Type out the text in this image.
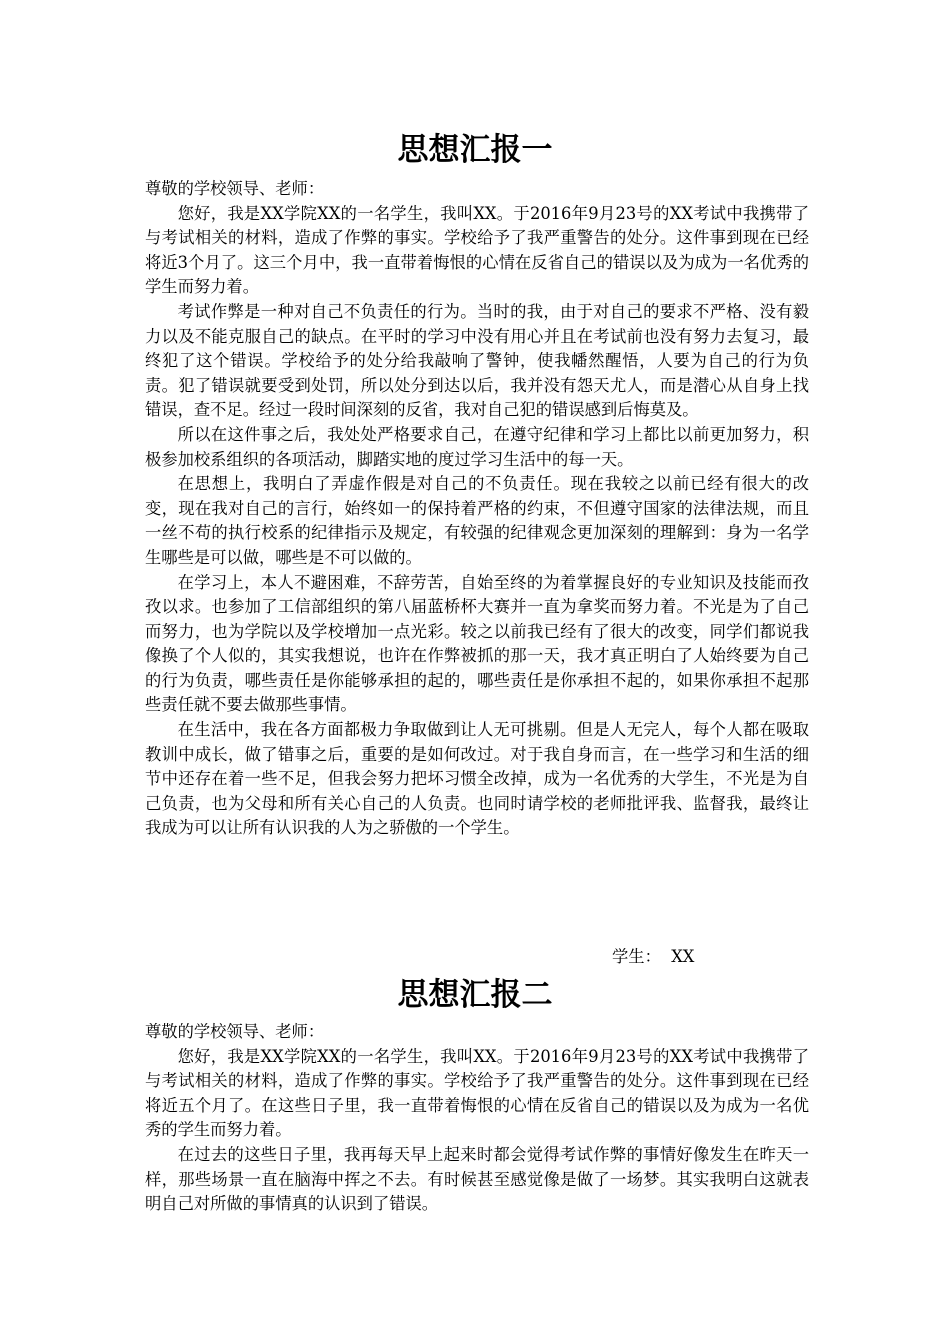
思想汇报一

尊敬的学校领导、老师：

您好，我是XX学院XX的一名学生，我叫XX。于2016年9月23号的XX考试中我携带了与考试相关的材料，造成了作弊的事实。学校给予了我严重警告的处分。这件事到现在已经将近3个月了。这三个月中，我一直带着悔恨的心情在反省自己的错误以及为成为一名优秀的学生而努力着。

考试作弊是一种对自己不负责任的行为。当时的我，由于对自己的要求不严格、没有毅力以及不能克服自己的缺点。在平时的学习中没有用心并且在考试前也没有努力去复习，最终犯了这个错误。学校给予的处分给我敲响了警钟，使我幡然醒悟，人要为自己的行为负责。犯了错误就要受到处罚，所以处分到达以后，我并没有怨天尤人，而是潜心从自身上找错误，查不足。经过一段时间深刻的反省，我对自己犯的错误感到后悔莫及。

所以在这件事之后，我处处严格要求自己，在遵守纪律和学习上都比以前更加努力，积极参加校系组织的各项活动，脚踏实地的度过学习生活中的每一天。

在思想上，我明白了弄虚作假是对自己的不负责任。现在我较之以前已经有很大的改变，现在我对自己的言行，始终如一的保持着严格的约束，不但遵守国家的法律法规，而且一丝不苟的执行校系的纪律指示及规定，有较强的纪律观念更加深刻的理解到：身为一名学生哪些是可以做，哪些是不可以做的。

在学习上，本人不避困难，不辞劳苦，自始至终的为着掌握良好的专业知识及技能而孜孜以求。也参加了工信部组织的第八届蓝桥杯大赛并一直为拿奖而努力着。不光是为了自己而努力，也为学院以及学校增加一点光彩。较之以前我已经有了很大的改变，同学们都说我像换了个人似的，其实我想说，也许在作弊被抓的那一天，我才真正明白了人始终要为自己的行为负责，哪些责任是你能够承担的起的，哪些责任是你承担不起的，如果你承担不起那些责任就不要去做那些事情。

在生活中，我在各方面都极力争取做到让人无可挑剔。但是人无完人，每个人都在吸取教训中成长，做了错事之后，重要的是如何改过。对于我自身而言，在一些学习和生活的细节中还存在着一些不足，但我会努力把坏习惯全改掉，成为一名优秀的大学生，不光是为自己负责，也为父母和所有关心自己的人负责。也同时请学校的老师批评我、监督我，最终让我成为可以让所有认识我的人为之骄傲的一个学生。

学生：  XX
思想汇报二

尊敬的学校领导、老师：

您好，我是XX学院XX的一名学生，我叫XX。于2016年9月23号的XX考试中我携带了与考试相关的材料，造成了作弊的事实。学校给予了我严重警告的处分。这件事到现在已经将近五个月了。在这些日子里，我一直带着悔恨的心情在反省自己的错误以及为成为一名优秀的学生而努力着。

在过去的这些日子里，我再每天早上起来时都会觉得考试作弊的事情好像发生在昨天一样，那些场景一直在脑海中挥之不去。有时候甚至感觉像是做了一场梦。其实我明白这就表明自己对所做的事情真的认识到了错误。
